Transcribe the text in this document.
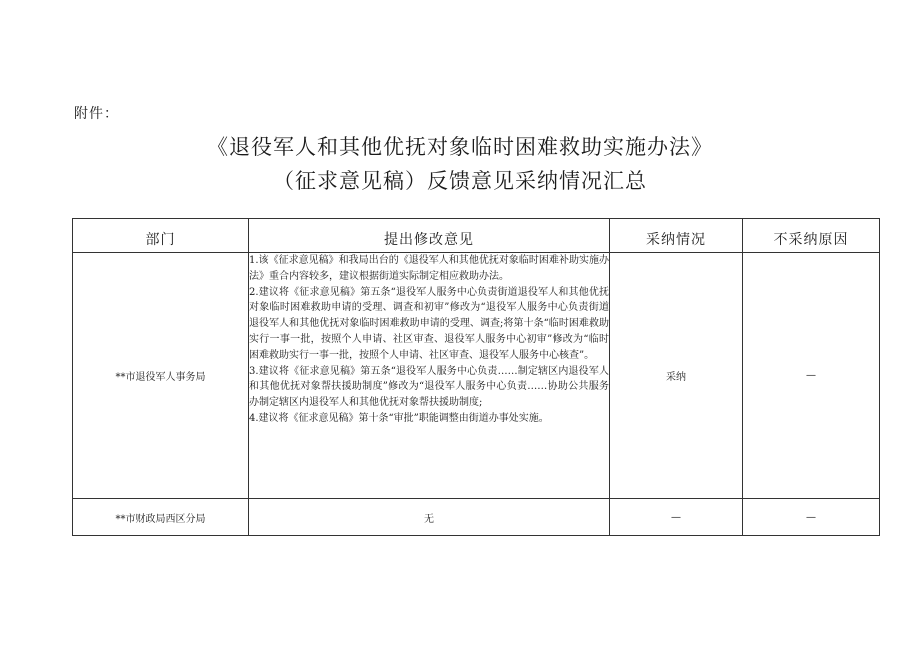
附件：
《退役军人和其他优抚对象临时困难救助实施办法》
（征求意见稿）反馈意见采纳情况汇总
部门	提出修改意见	采纳情况	不采纳原因
**市退役军人事务局	1.该《征求意见稿》和我局出台的《退役军人和其他优抚对象临时困难补助实施办法》重合内容较多，建议根据街道实际制定相应救助办法。

2.建议将《征求意见稿》第五条“退役军人服务中心负责街道退役军人和其他优抚对象临时困难救助申请的受理、调查和初审”修改为“退役军人服务中心负责街道退役军人和其他优抚对象临时困难救助申请的受理、调查;将第十条“临时困难救助实行一事一批，按照个人申请、社区审查、退役军人服务中心初审”修改为“临时困难救助实行一事一批，按照个人申请、社区审查、退役军人服务中心核查”。

3.建议将《征求意见稿》第五条“退役军人服务中心负责……制定辖区内退役军人和其他优抚对象帮扶援助制度”修改为“退役军人服务中心负责……协助公共服务办制定辖区内退役军人和其他优抚对象帮扶援助制度;

4.建议将《征求意见稿》第十条“审批”职能调整由街道办事处实施。	采纳	—
**市财政局西区分局	无	—	—
